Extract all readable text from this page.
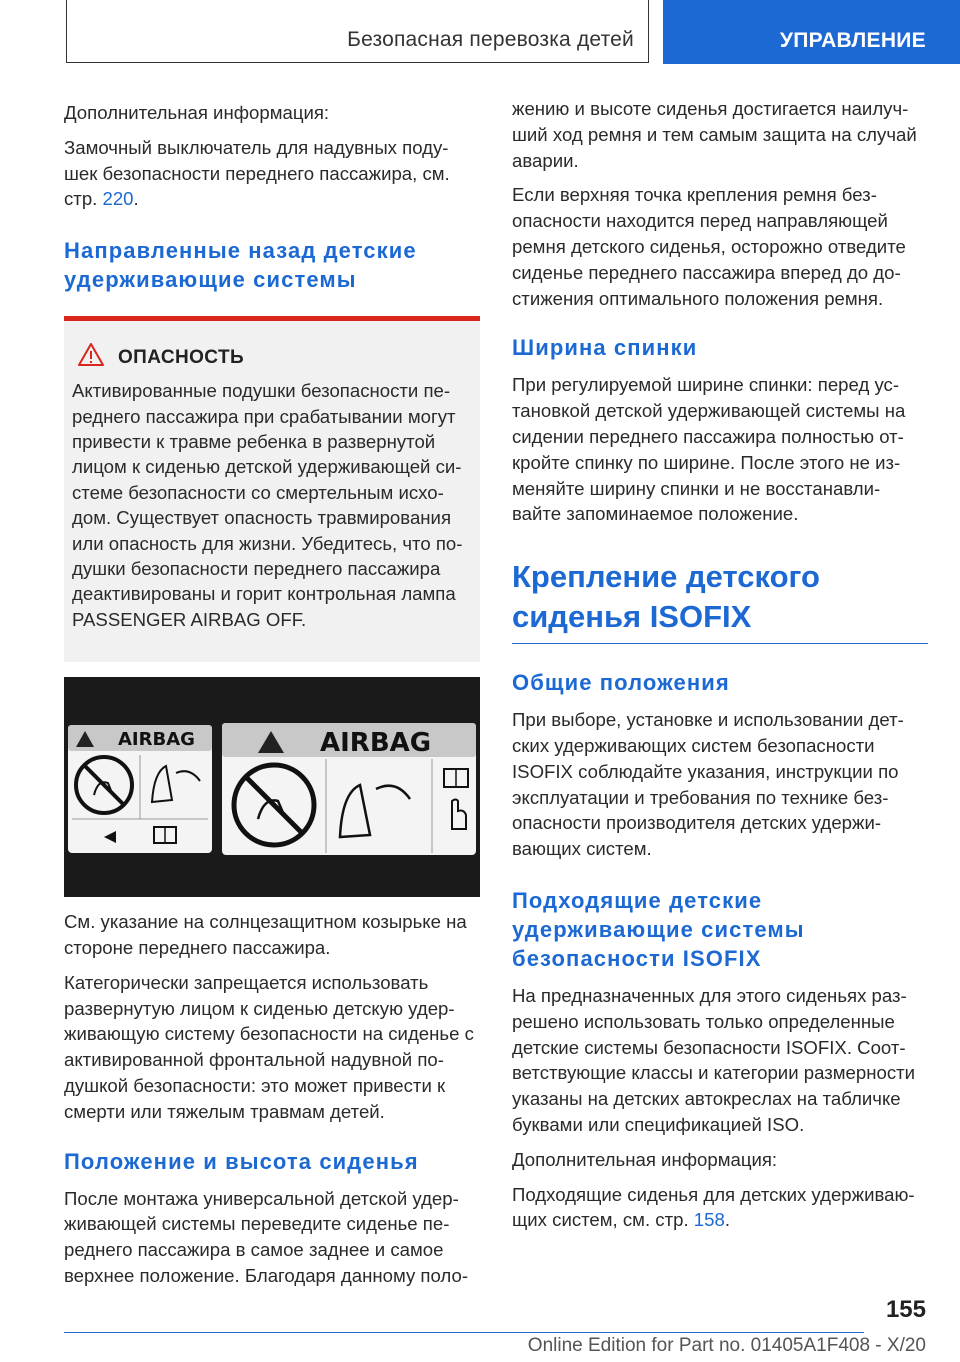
Безопасная перевозка детей	УПРАВЛЕНИЕ

Дополнительная информация:

Замочный выключатель для надувных поду-шек безопасности переднего пассажира, см. стр. 220.

Направленные назад детские удерживающие системы
ОПАСНОСТЬ

Активированные подушки безопасности пе-реднего пассажира при срабатывании могут привести к травме ребенка в развернутой лицом к сиденью детской удерживающей си-стеме безопасности со смертельным исхо-дом. Существует опасность травмирования или опасность для жизни. Убедитесь, что по-душки безопасности переднего пассажира деактивированы и горит контрольная лампа PASSENGER AIRBAG OFF.

AIRBAG	AIRBAG

См. указание на солнцезащитном козырьке на стороне переднего пассажира.

Категорически запрещается использовать развернутую лицом к сиденью детскую удер-живающую систему безопасности на сиденье с активированной фронтальной надувной по-душкой безопасности: это может привести к смерти или тяжелым травмам детей.

Положение и высота сиденья

После монтажа универсальной детской удер-живающей системы переведите сиденье пе-реднего пассажира в самое заднее и самое верхнее положение. Благодаря данному поло-

жению и высоте сиденья достигается наилуч-ший ход ремня и тем самым защита на случай аварии.

Если верхняя точка крепления ремня без-опасности находится перед направляющей ремня детского сиденья, осторожно отведите сиденье переднего пассажира вперед до до-стижения оптимального положения ремня.

Ширина спинки

При регулируемой ширине спинки: перед ус-тановкой детской удерживающей системы на сидении переднего пассажира полностью от-кройте спинку по ширине. После этого не из-меняйте ширину спинки и не восстанавли-вайте запоминаемое положение.

Крепление детского сиденья ISOFIX
Общие положения

При выборе, установке и использовании дет-ских удерживающих систем безопасности ISOFIX соблюдайте указания, инструкции по эксплуатации и требования по технике без-опасности производителя детских удержи-вающих систем.

Подходящие детские удерживающие системы безопасности ISOFIX

На предназначенных для этого сиденьях раз-решено использовать только определенные детские системы безопасности ISOFIX. Соот-ветствующие классы и категории размерности указаны на детских автокреслах на табличке буквами или спецификацией ISO.

Дополнительная информация:

Подходящие сиденья для детских удерживаю-щих систем, см. стр. 158.

155
Online Edition for Part no. 01405A1F408 - X/20
